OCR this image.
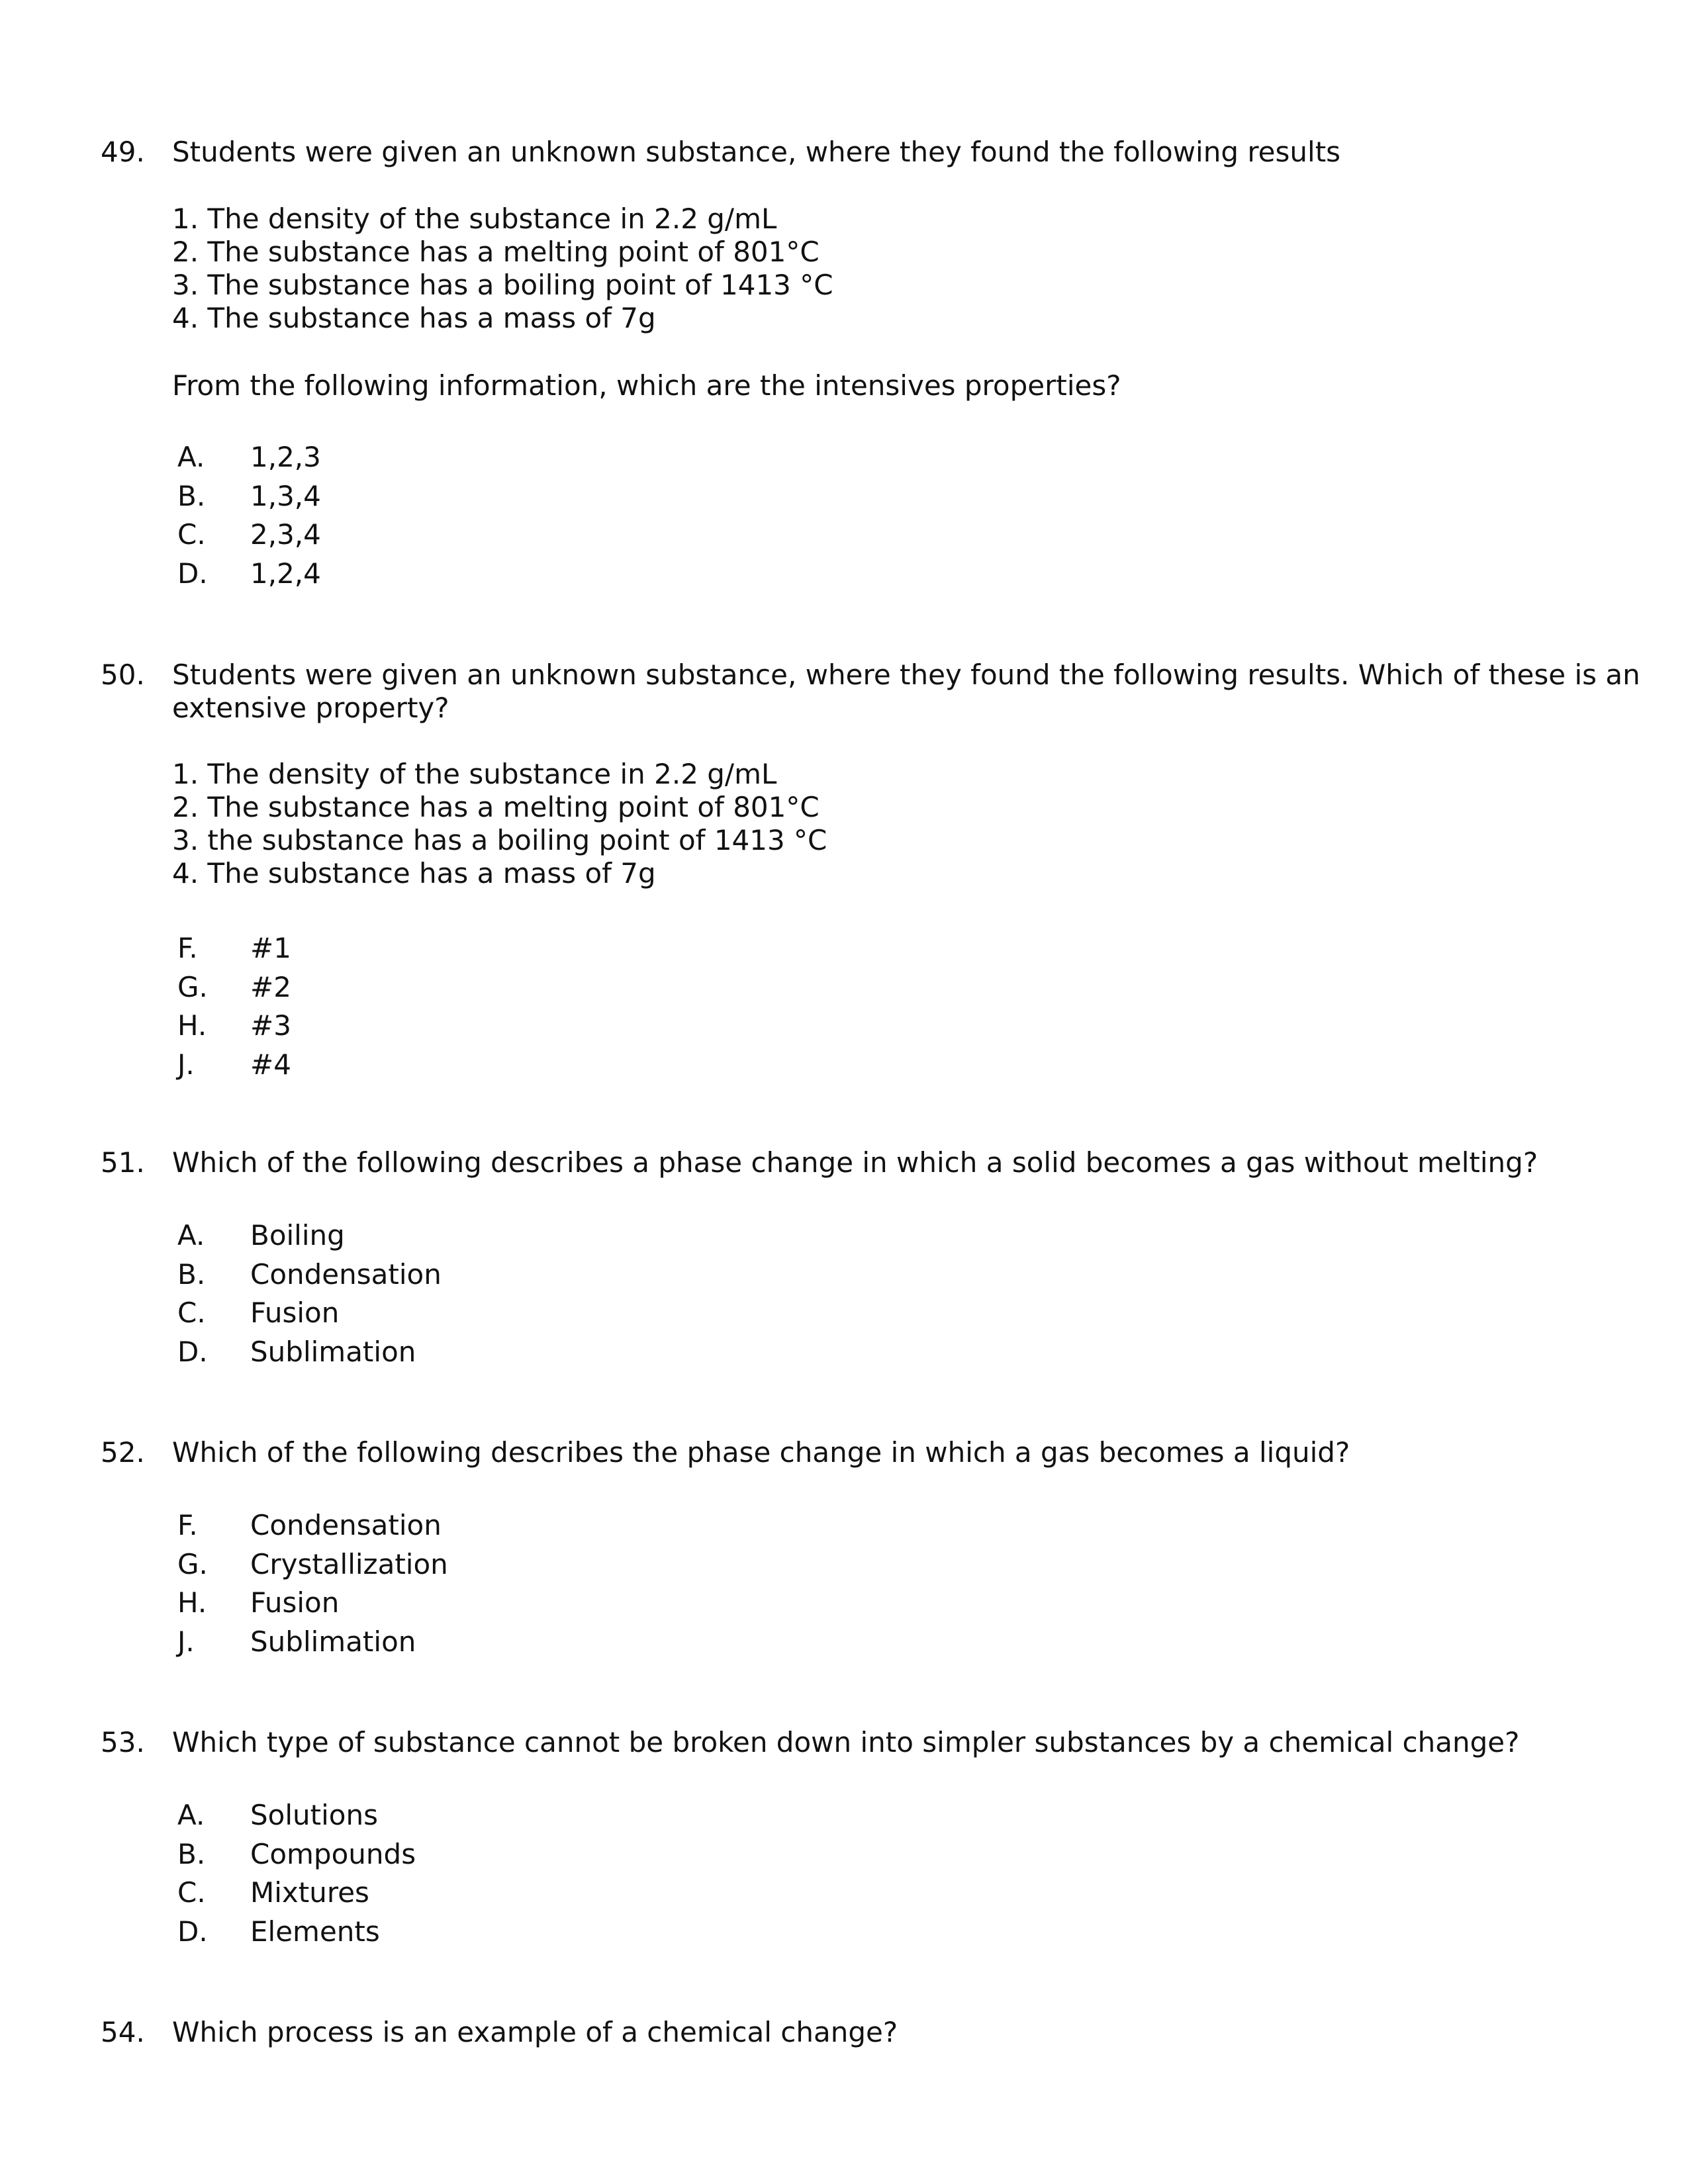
49. Students were given an unknown substance, where they found the following results
1. The density of the substance in 2.2 g/mL
2. The substance has a melting point of 801°C
3. The substance has a boiling point of 1413 °C
4. The substance has a mass of 7g
From the following information, which are the intensives properties?
A. 1,2,3
B. 1,3,4
C. 2,3,4
D. 1,2,4
50. Students were given an unknown substance, where they found the following results. Which of these is an extensive property?
1. The density of the substance in 2.2 g/mL
2. The substance has a melting point of 801°C
3. the substance has a boiling point of 1413 °C
4. The substance has a mass of 7g
F. #1
G. #2
H. #3
J. #4
51. Which of the following describes a phase change in which a solid becomes a gas without melting?
A. Boiling
B. Condensation
C. Fusion
D. Sublimation
52. Which of the following describes the phase change in which a gas becomes a liquid?
F. Condensation
G. Crystallization
H. Fusion
J. Sublimation
53. Which type of substance cannot be broken down into simpler substances by a chemical change?
A. Solutions
B. Compounds
C. Mixtures
D. Elements
54. Which process is an example of a chemical change?
